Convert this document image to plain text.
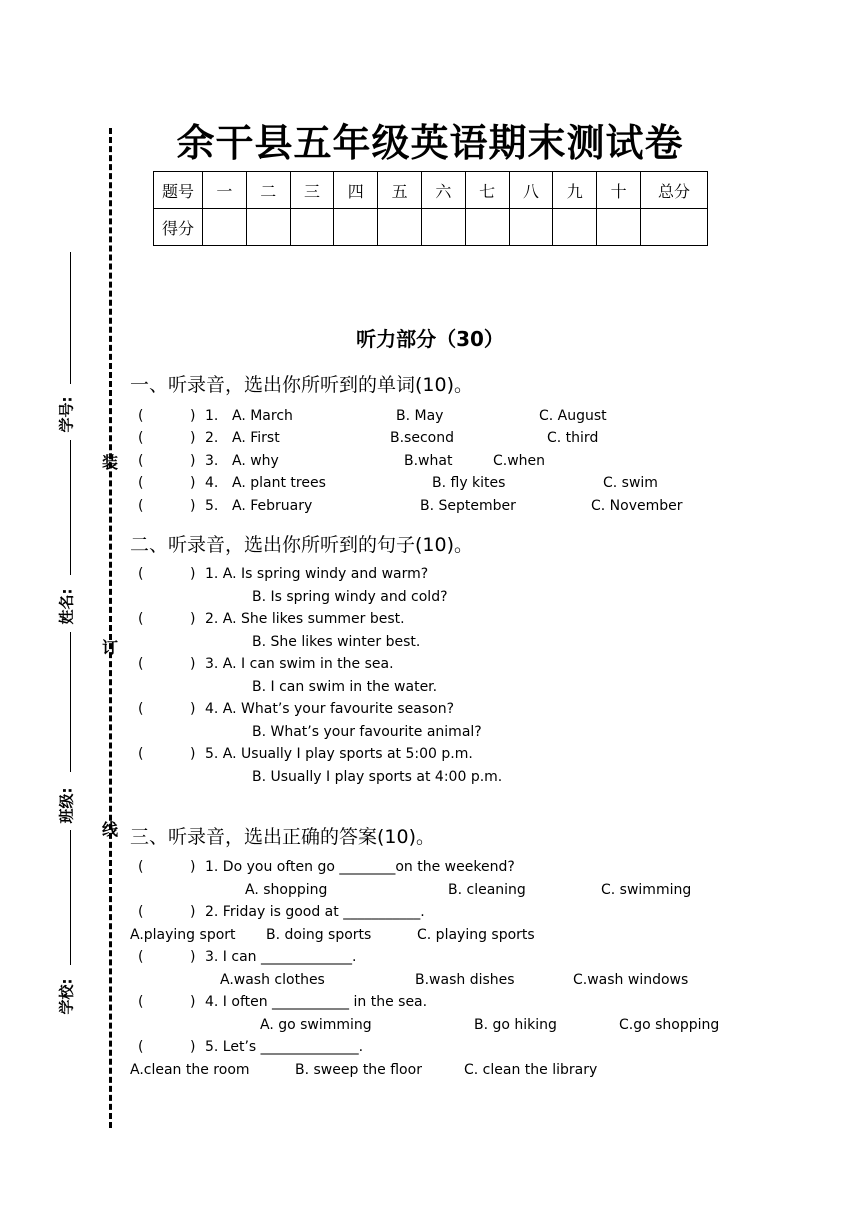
装
订
线
学号:
姓名:
班级:
学校:
余干县五年级英语期末测试卷
题号	一	二	三	四	五	六	七	八	九	十	总分
得分											
听力部分（30）
一、听录音，选出你所听到的单词(10)。
(	) 1. A. March	B. May	C. August
(	) 2. A. First	B.second	C. third
(	) 3. A. why	B.what	C.when
(	) 4. A. plant trees	B. fly kites	C. swim
(	) 5. A. February	B. September	C. November
二、听录音，选出你所听到的句子(10)。
(	) 1. A. Is spring windy and warm?
B. Is spring windy and cold?
(	) 2. A. She likes summer best.
B. She likes winter best.
(	) 3. A. I can swim in the sea.
B. I can swim in the water.
(	) 4. A. What’s your favourite season?
B. What’s your favourite animal?
(	) 5. A. Usually I play sports at 5:00 p.m.
B. Usually I play sports at 4:00 p.m.
三、听录音，选出正确的答案(10)。
(	) 1. Do you often go ________on the weekend?
A. shopping	B. cleaning	C. swimming
(	) 2. Friday is good at ___________.
A.playing sport B. doing sports	C. playing sports
(	) 3. I can _____________.
A.wash clothes	B.wash dishes	C.wash windows
(	) 4. I often ___________ in the sea.
A. go swimming	B. go hiking	C.go shopping
(	) 5. Let’s ______________.
A.clean the room	B. sweep the floor	C. clean the library
